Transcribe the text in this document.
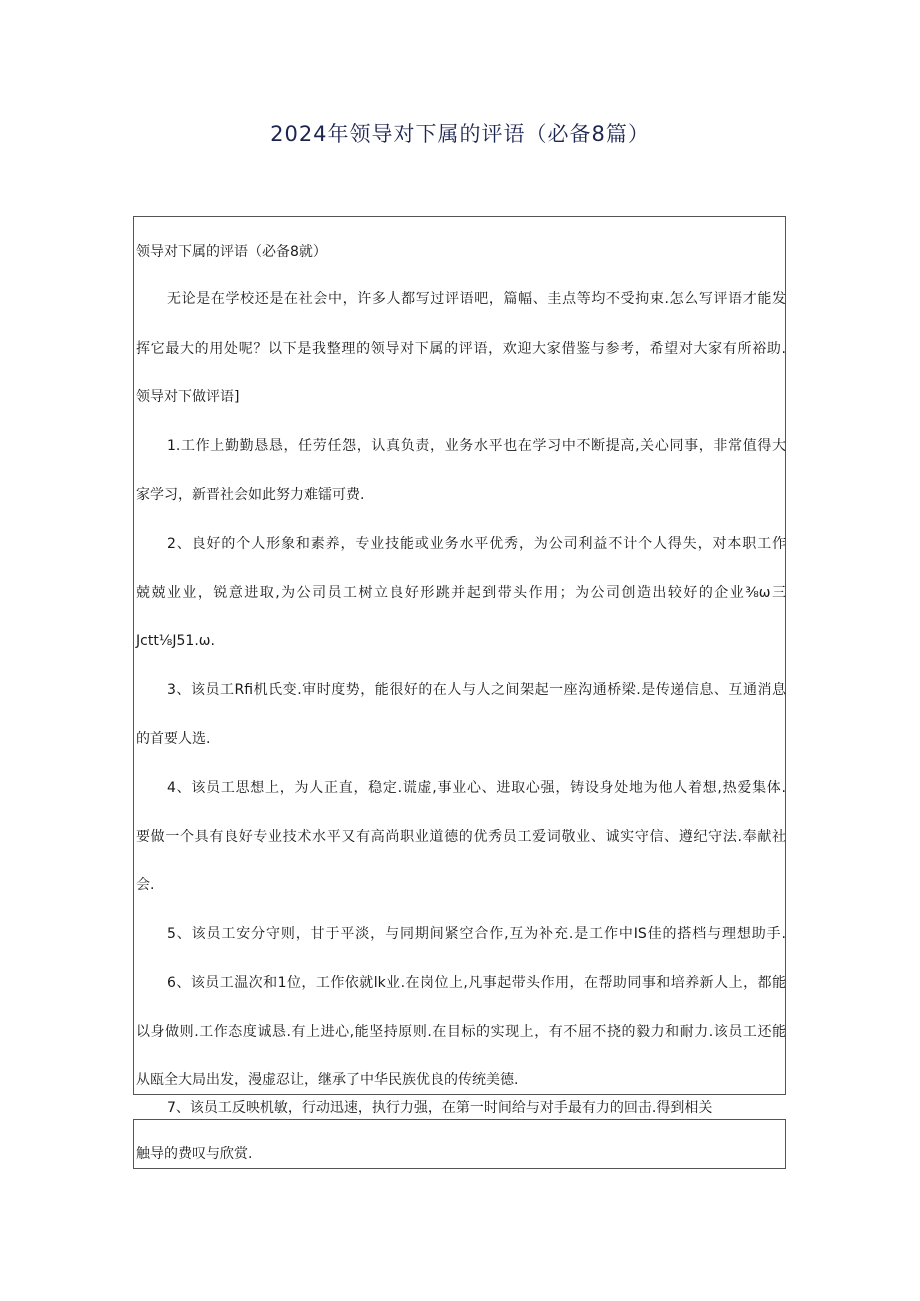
2024年领导对下属的评语（必备8篇）
领导对下属的评语（必备8就）
无论是在学校还是在社会中，许多人都写过评语吧，篇幅、圭点等均不受拘束.怎么写评语才能发
挥它最大的用处呢？以下是我整理的领导对下属的评语，欢迎大家借鉴与参考，希望对大家有所裕助.
领导对下做评语]
1.工作上勤勤恳恳，任劳任怨，认真负责，业务水平也在学习中不断提高,关心同事，非常值得大
家学习，新晋社会如此努力难镭可费.
2、良好的个人形象和素养，专业技能或业务水平优秀，为公司利益不计个人得失，对本职工作
兢兢业业，锐意进取,为公司员工树立良好形跳并起到带头作用；为公司创造出较好的企业⅜ω三
Jctt⅛J51.ω.
3、该员工Rfi机氏变.审时度势，能很好的在人与人之间架起一座沟通桥梁.是传递信息、互通消息
的首要人选.
4、该员工思想上，为人正直，稳定.谎虚,事业心、进取心强，铸设身处地为他人着想,热爱集体.
要做一个具有良好专业技术水平又有高尚职业道德的优秀员工爱词敬业、诚实守信、遵纪守法.奉献社
会.
5、该员工安分守则，甘于平淡，与同期间紧空合作,互为补充.是工作中IS佳的搭档与理想助手.
6、该员工温次和1位，工作依就lk业.在岗位上,凡事起带头作用，在帮助同事和培养新人上，都能
以身做则.工作态度诚恳.有上进心,能坚持原则.在目标的实现上，有不屈不挠的毅力和耐力.该员工还能
从瓯全大局出发，漫虚忍让，继承了中华民族优良的传统美德.
7、该员工反映机敏，行动迅速，执行力强，在第一时间给与对手最有力的回击.得到相关
触导的费叹与欣赏.
